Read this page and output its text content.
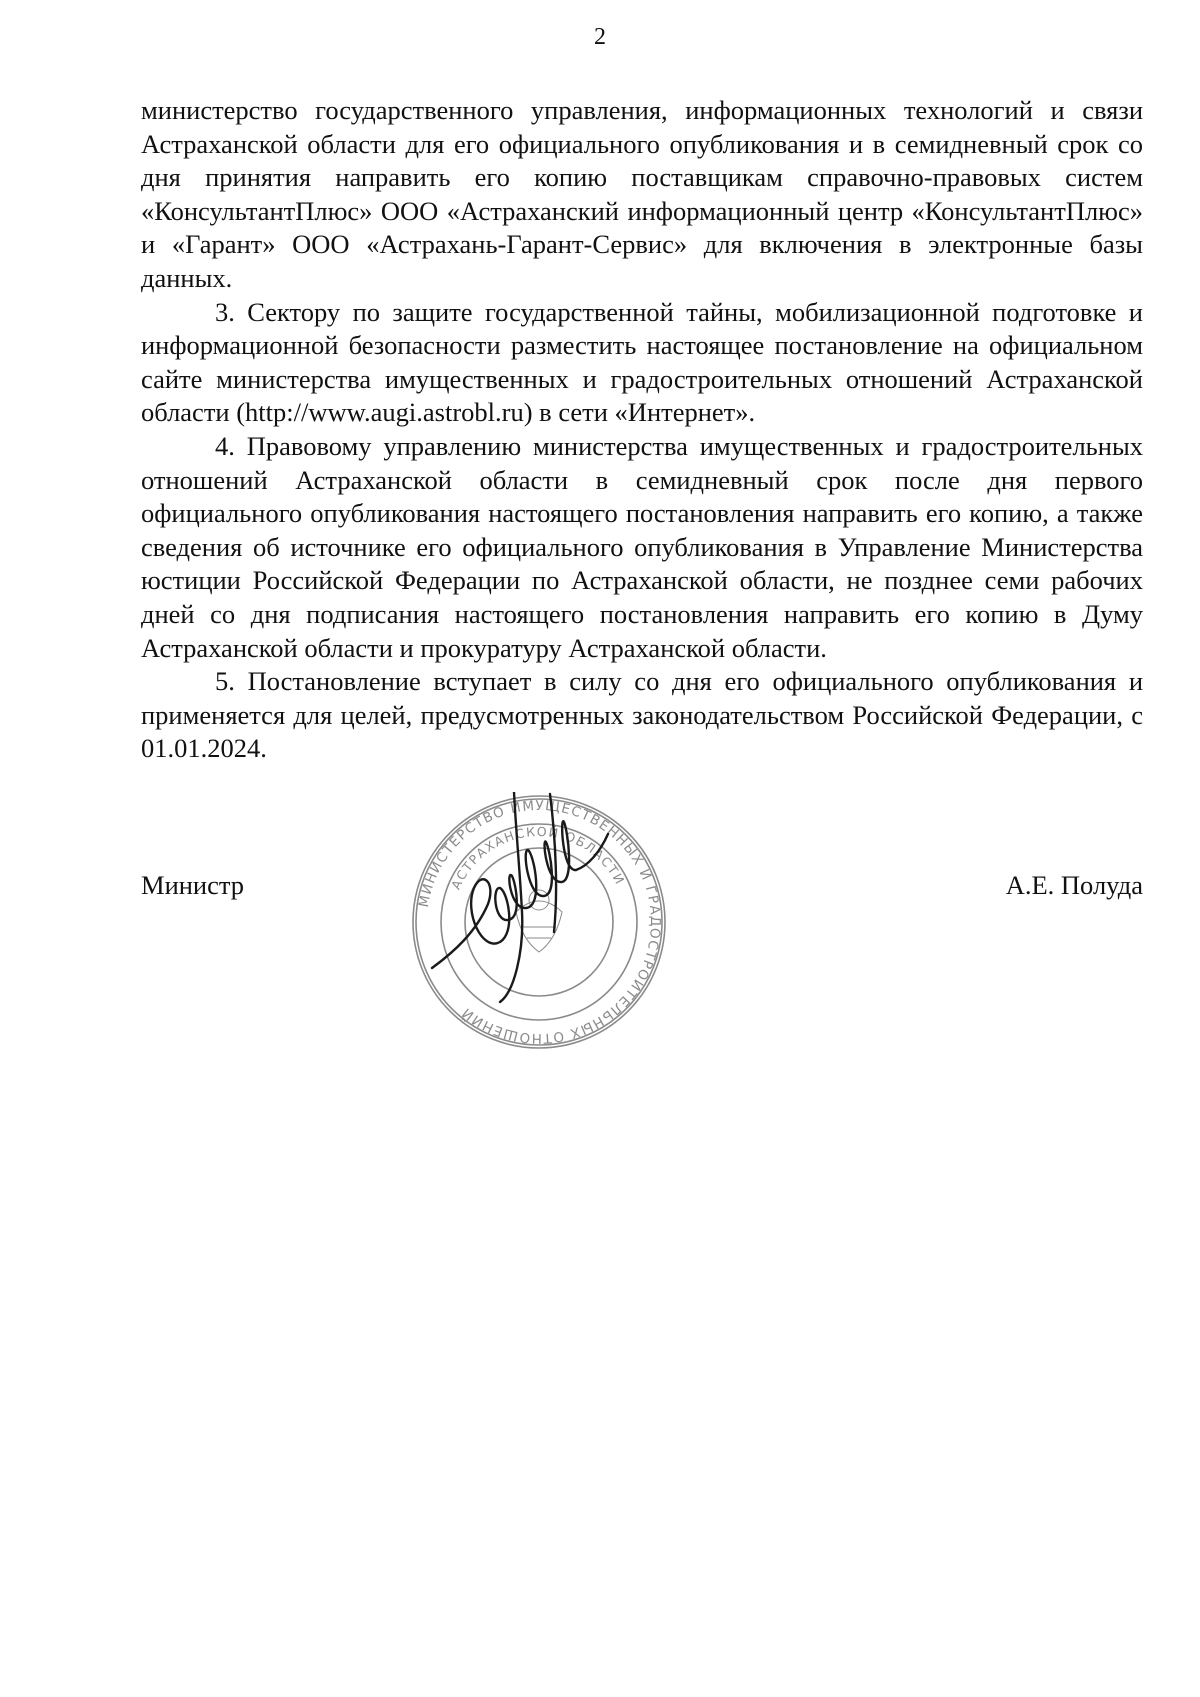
2

министерство государственного управления, информационных технологий и связи Астраханской области для его официального опубликования и в семидневный срок со дня принятия направить его копию поставщикам справочно-правовых систем «КонсультантПлюс» ООО «Астраханский информационный центр «КонсультантПлюс» и «Гарант» ООО «Астрахань-Гарант-Сервис» для включения в электронные базы данных.

3. Сектору по защите государственной тайны, мобилизационной подготовке и информационной безопасности разместить настоящее постановление на официальном сайте министерства имущественных и градостроительных отношений Астраханской области (http://www.augi.astrobl.ru) в сети «Интернет».

4. Правовому управлению министерства имущественных и градостроительных отношений Астраханской области в семидневный срок после дня первого официального опубликования настоящего постановления направить его копию, а также сведения об источнике его официального опубликования в Управление Министерства юстиции Российской Федерации по Астраханской области, не позднее семи рабочих дней со дня подписания настоящего постановления направить его копию в Думу Астраханской области и прокуратуру Астраханской области.

5. Постановление вступает в силу со дня его официального опубликования и применяется для целей, предусмотренных законодательством Российской Федерации, с 01.01.2024.

Министр
МИНИСТЕРСТВО ИМУЩЕСТВЕННЫХ И ГРАДОСТРОИТЕЛЬНЫХ ОТНОШЕНИЙ
АСТРАХАНСКОЙ ОБЛАСТИ	А.Е. Полуда
